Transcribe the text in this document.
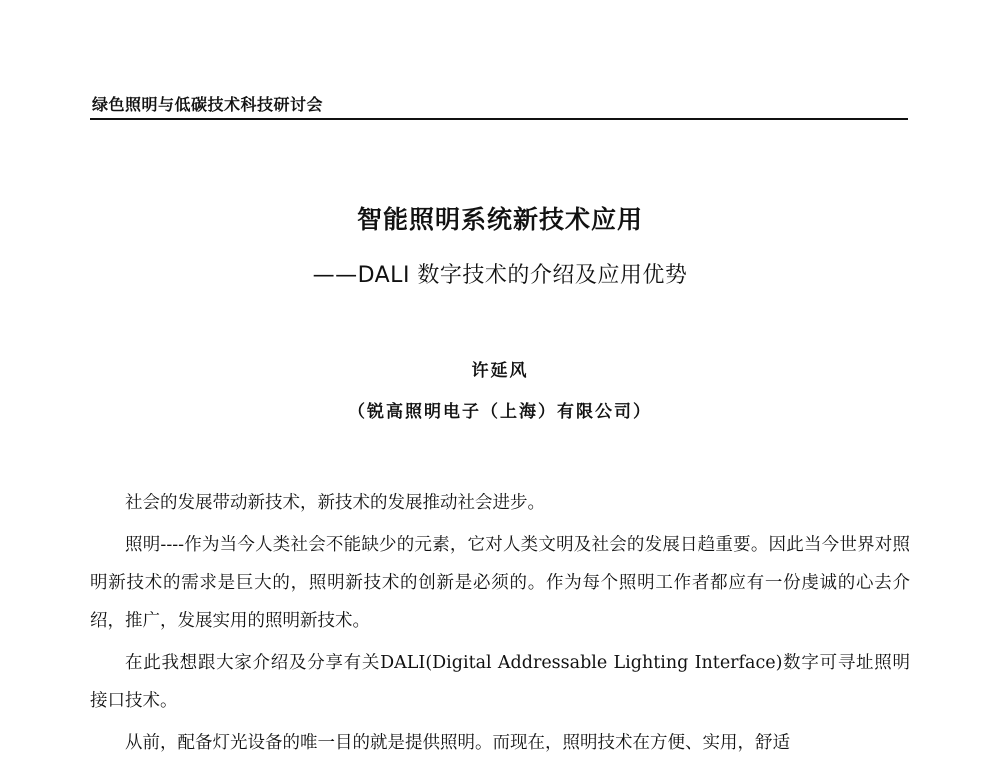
绿色照明与低碳技术科技研讨会
智能照明系统新技术应用
——DALI 数字技术的介绍及应用优势
许延风
（锐高照明电子（上海）有限公司）

社会的发展带动新技术，新技术的发展推动社会进步。

照明----作为当今人类社会不能缺少的元素，它对人类文明及社会的发展日趋重要。因此当今世界对照明新技术的需求是巨大的，照明新技术的创新是必须的。作为每个照明工作者都应有一份虔诚的心去介绍，推广，发展实用的照明新技术。

在此我想跟大家介绍及分享有关DALI(Digital Addressable Lighting Interface)数字可寻址照明接口技术。

从前，配备灯光设备的唯一目的就是提供照明。而现在，照明技术在方便、实用，舒适
